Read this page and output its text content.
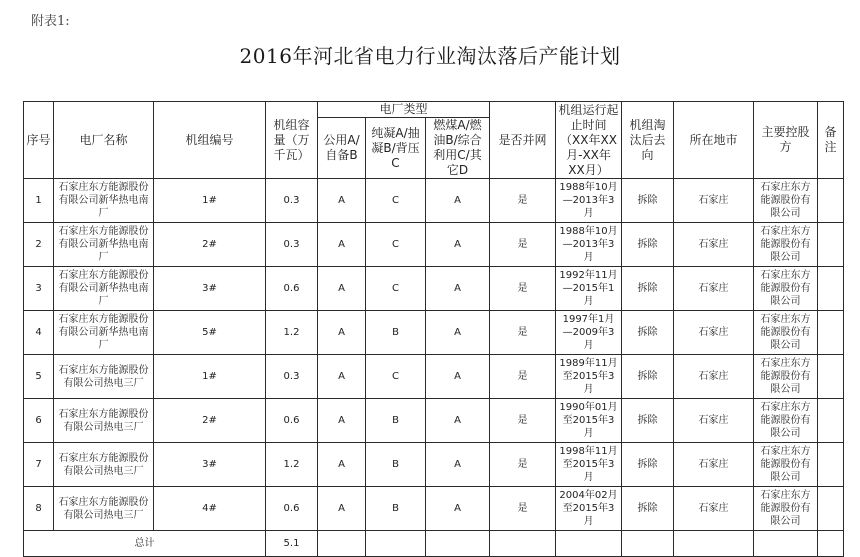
附表1:
2016年河北省电力行业淘汰落后产能计划
序号	电厂名称	机组编号	机组容量（万千瓦）	电厂类型			是否并网	机组运行起止时间（XX年XX月-XX年XX月）	机组淘汰后去向	所在地市	主要控股方	备注
				公用A/自备B	纯凝A/抽凝B/背压C	燃煤A/燃油B/综合利用C/其它D						
1	石家庄东方能源股份有限公司新华热电南厂	1#	0.3	A	C	A	是	1988年10月—2013年3月	拆除	石家庄	石家庄东方能源股份有限公司	
2	石家庄东方能源股份有限公司新华热电南厂	2#	0.3	A	C	A	是	1988年10月—2013年3月	拆除	石家庄	石家庄东方能源股份有限公司	
3	石家庄东方能源股份有限公司新华热电南厂	3#	0.6	A	C	A	是	1992年11月—2015年1月	拆除	石家庄	石家庄东方能源股份有限公司	
4	石家庄东方能源股份有限公司新华热电南厂	5#	1.2	A	B	A	是	1997年1月—2009年3月	拆除	石家庄	石家庄东方能源股份有限公司	
5	石家庄东方能源股份有限公司热电三厂	1#	0.3	A	C	A	是	1989年11月至2015年3月	拆除	石家庄	石家庄东方能源股份有限公司	
6	石家庄东方能源股份有限公司热电三厂	2#	0.6	A	B	A	是	1990年01月至2015年3月	拆除	石家庄	石家庄东方能源股份有限公司	
7	石家庄东方能源股份有限公司热电三厂	3#	1.2	A	B	A	是	1998年11月至2015年3月	拆除	石家庄	石家庄东方能源股份有限公司	
8	石家庄东方能源股份有限公司热电三厂	4#	0.6	A	B	A	是	2004年02月至2015年3月	拆除	石家庄	石家庄东方能源股份有限公司	
总计			5.1									
